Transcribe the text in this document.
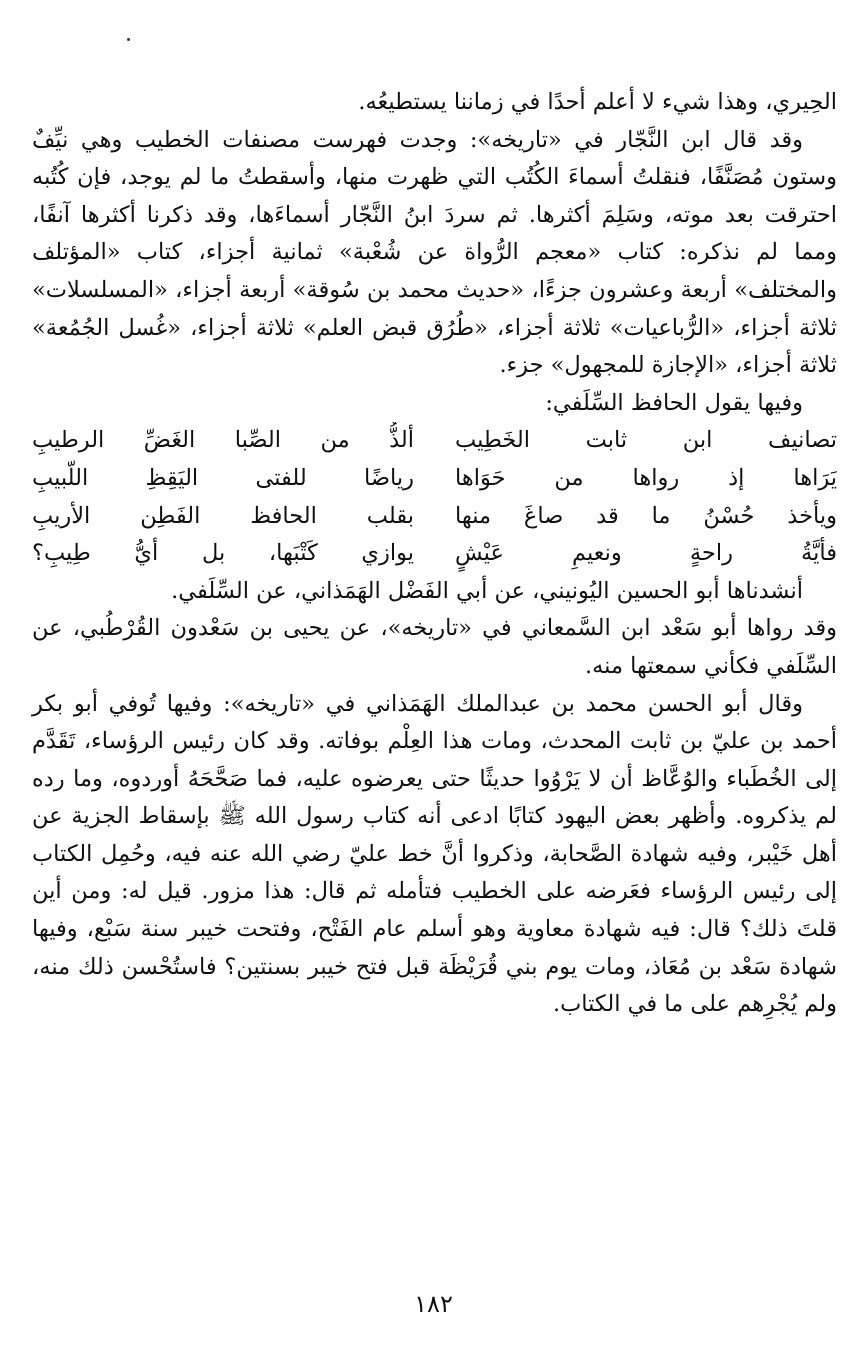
الحِيري، وهذا شيء لا أعلم أحدًا في زماننا يستطيعُه.

وقد قال ابن النَّجّار في «تاريخه»: وجدت فهرست مصنفات الخطيب وهي نيِّفٌ وستون مُصَنَّفًا، فنقلتُ أسماءَ الكُتُب التي ظهرت منها، وأسقطتُ ما لم يوجد، فإن كُتُبه احترقت بعد موته، وسَلِمَ أكثرها. ثم سردَ ابنُ النَّجّار أسماءَها، وقد ذكرنا أكثرها آنفًا، ومما لم نذكره: كتاب «معجم الرُّواة عن شُعْبة» ثمانية أجزاء، كتاب «المؤتلف والمختلف» أربعة وعشرون جزءًا، «حديث محمد بن سُوقة» أربعة أجزاء، «المسلسلات» ثلاثة أجزاء، «الرُّباعيات» ثلاثة أجزاء، «طُرُق قبض العلم» ثلاثة أجزاء، «غُسل الجُمُعة» ثلاثة أجزاء، «الإجازة للمجهول» جزء.

وفيها يقول الحافظ السِّلَفي:

تصانيف ابن ثابت الخَطِيب
ألذُّ من الصِّبا الغَضِّ الرطيبِ
يَرَاها إذ رواها من حَوَاها
رياضًا للفتى اليَقِظِ اللَّبيبِ
ويأخذ حُسْنُ ما قد صاغَ منها
بقلب الحافظ الفَطِن الأريبِ
فأيَّةُ راحةٍ ونعيمِ عَيْشٍ
يوازي كَتْبَها، بل أيُّ طِيبِ؟

أنشدناها أبو الحسين اليُونيني، عن أبي الفَضْل الهَمَذاني، عن السِّلَفي.

وقد رواها أبو سَعْد ابن السَّمعاني في «تاريخه»، عن يحيى بن سَعْدون القُرْطُبي، عن السِّلَفي فكأني سمعتها منه.

وقال أبو الحسن محمد بن عبدالملك الهَمَذاني في «تاريخه»: وفيها تُوفي أبو بكر أحمد بن عليّ بن ثابت المحدث، ومات هذا العِلْم بوفاته. وقد كان رئيس الرؤساء، تَقَدَّم إلى الخُطَباء والوُعَّاظ أن لا يَرْوُوا حديثًا حتى يعرضوه عليه، فما صَحَّحَهُ أوردوه، وما رده لم يذكروه. وأظهر بعض اليهود كتابًا ادعى أنه كتاب رسول الله ﷺ بإسقاط الجزية عن أهل خَيْبر، وفيه شهادة الصَّحابة، وذكروا أنَّ خط عليّ رضي الله عنه فيه، وحُمِل الكتاب إلى رئيس الرؤساء فعَرضه على الخطيب فتأمله ثم قال: هذا مزور. قيل له: ومن أين قلتَ ذلك؟ قال: فيه شهادة معاوية وهو أسلم عام الفَتْح، وفتحت خيبر سنة سَبْع، وفيها شهادة سَعْد بن مُعَاذ، ومات يوم بني قُرَيْظَة قبل فتح خيبر بسنتين؟ فاستُحْسن ذلك منه، ولم يُجْرِهم على ما في الكتاب.

١٨٢
